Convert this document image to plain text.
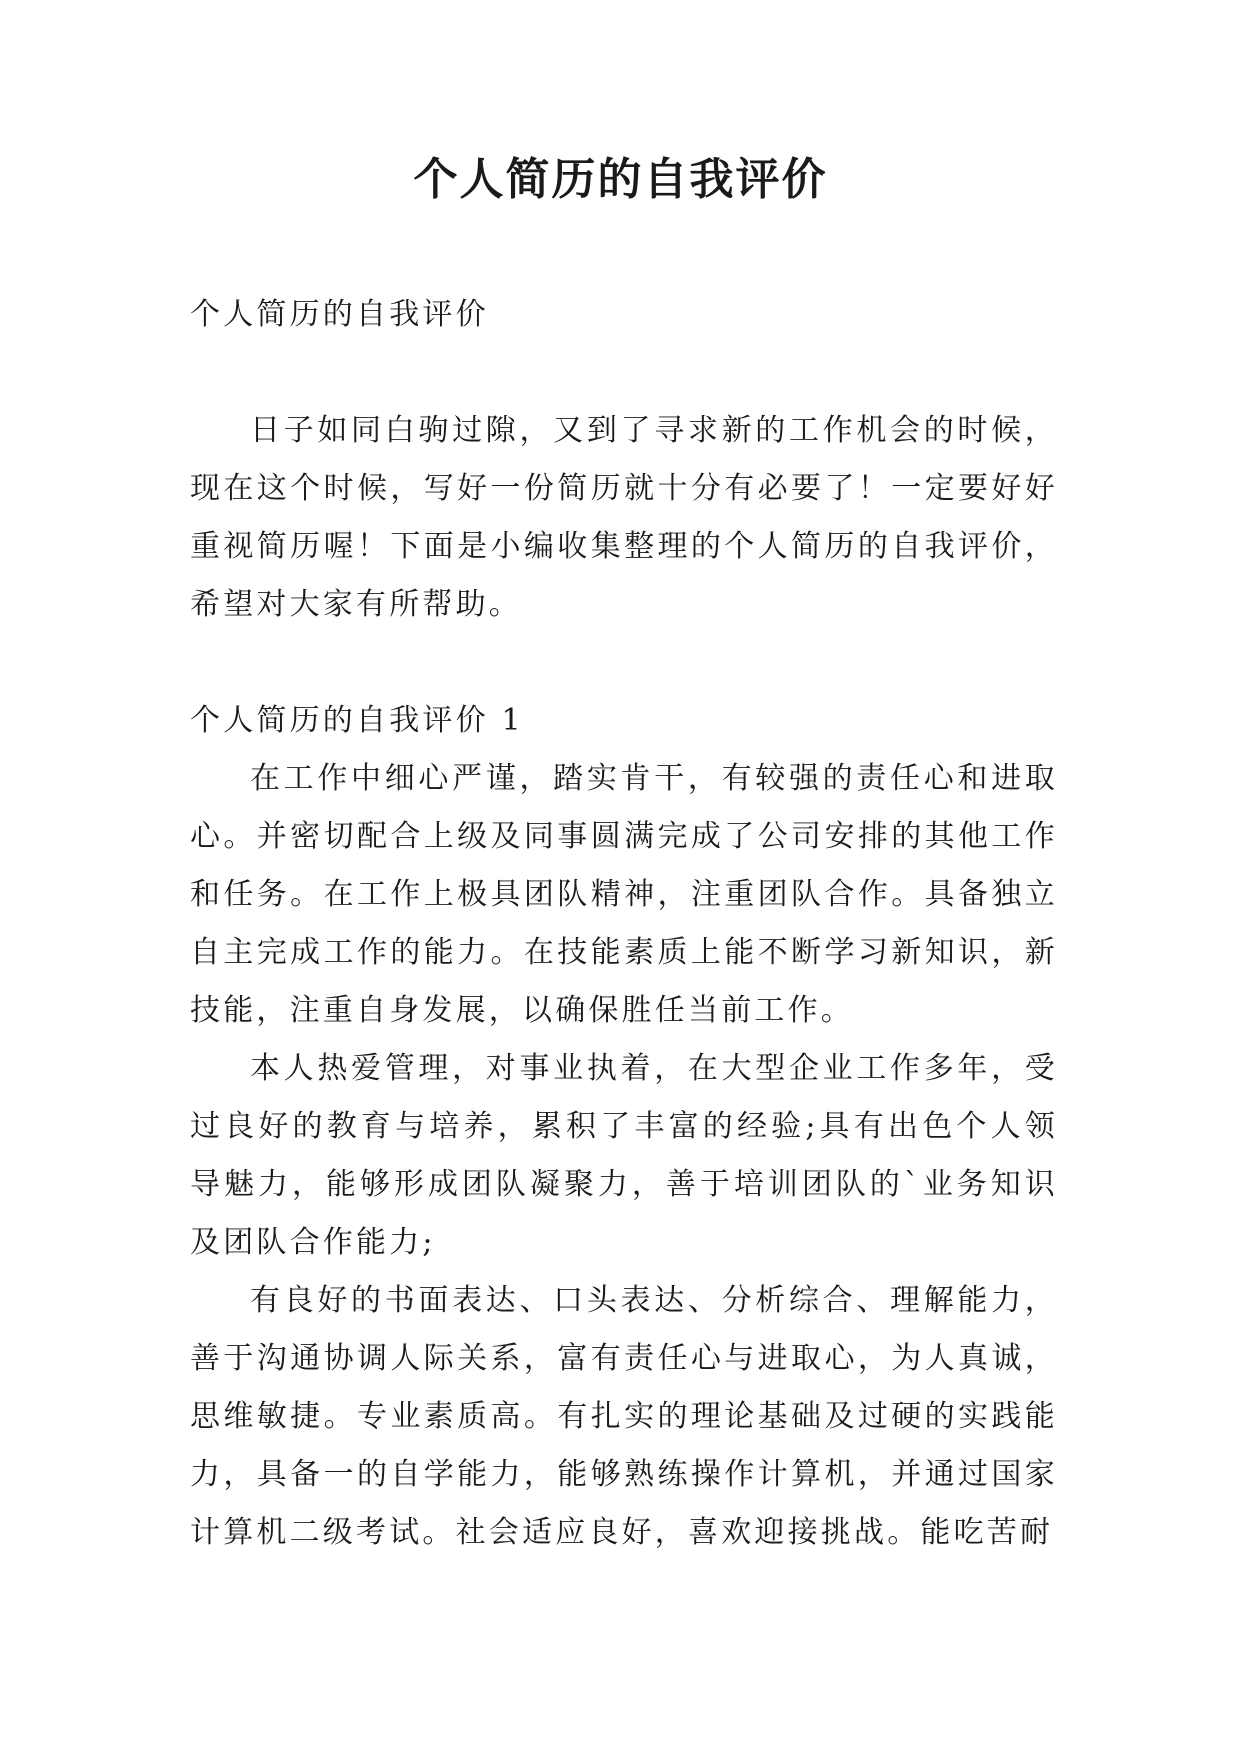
个人简历的自我评价

个人简历的自我评价

日子如同白驹过隙，又到了寻求新的工作机会的时候，现在这个时候，写好一份简历就十分有必要了！一定要好好重视简历喔！下面是小编收集整理的个人简历的自我评价，希望对大家有所帮助。

个人简历的自我评价 1

在工作中细心严谨，踏实肯干，有较强的责任心和进取心。并密切配合上级及同事圆满完成了公司安排的其他工作和任务。在工作上极具团队精神，注重团队合作。具备独立自主完成工作的能力。在技能素质上能不断学习新知识，新技能，注重自身发展，以确保胜任当前工作。

本人热爱管理，对事业执着，在大型企业工作多年，受过良好的教育与培养，累积了丰富的经验;具有出色个人领导魅力，能够形成团队凝聚力，善于培训团队的`业务知识及团队合作能力;

有良好的书面表达、口头表达、分析综合、理解能力，善于沟通协调人际关系，富有责任心与进取心，为人真诚，思维敏捷。专业素质高。有扎实的理论基础及过硬的实践能力，具备一的自学能力，能够熟练操作计算机，并通过国家计算机二级考试。社会适应良好，喜欢迎接挑战。能吃苦耐
